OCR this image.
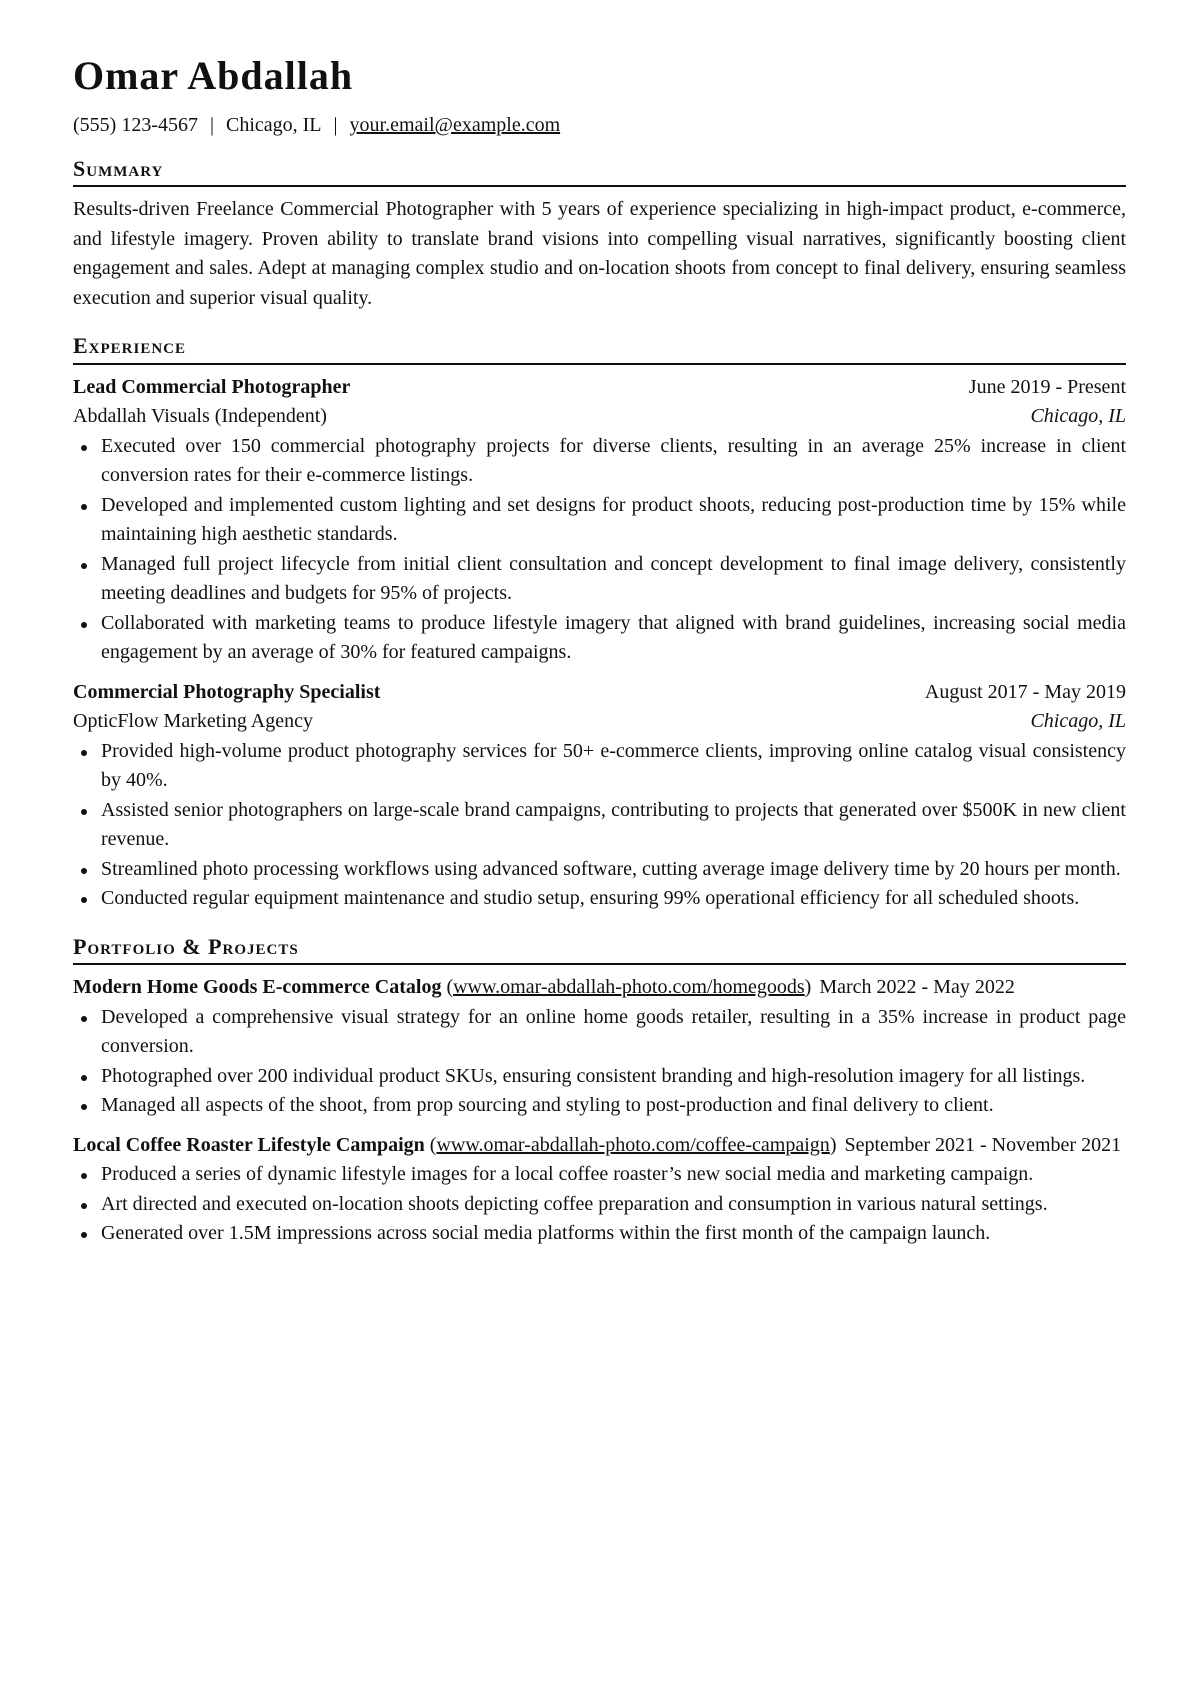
Omar Abdallah
(555) 123-4567 | Chicago, IL | your.email@example.com
Summary

Results-driven Freelance Commercial Photographer with 5 years of experience specializing in high-impact product, e-commerce, and lifestyle imagery. Proven ability to translate brand visions into compelling visual narratives, significantly boosting client engagement and sales. Adept at managing complex studio and on-location shoots from concept to final delivery, ensuring seamless execution and superior visual quality.

Experience
Lead Commercial Photographer	June 2019 - Present
Abdallah Visuals (Independent)	Chicago, IL
Executed over 150 commercial photography projects for diverse clients, resulting in an average 25% increase in client conversion rates for their e-commerce listings.
Developed and implemented custom lighting and set designs for product shoots, reducing post-production time by 15% while maintaining high aesthetic standards.
Managed full project lifecycle from initial client consultation and concept development to final image delivery, consistently meeting deadlines and budgets for 95% of projects.
Collaborated with marketing teams to produce lifestyle imagery that aligned with brand guidelines, increasing social media engagement by an average of 30% for featured campaigns.
Commercial Photography Specialist	August 2017 - May 2019
OpticFlow Marketing Agency	Chicago, IL
Provided high-volume product photography services for 50+ e-commerce clients, improving online catalog visual consistency by 40%.
Assisted senior photographers on large-scale brand campaigns, contributing to projects that generated over $500K in new client revenue.
Streamlined photo processing workflows using advanced software, cutting average image delivery time by 20 hours per month.
Conducted regular equipment maintenance and studio setup, ensuring 99% operational efficiency for all scheduled shoots.
Portfolio & Projects
Modern Home Goods E-commerce Catalog (www.omar-abdallah-photo.com/homegoods) March 2022 - May 2022
Developed a comprehensive visual strategy for an online home goods retailer, resulting in a 35% increase in product page conversion.
Photographed over 200 individual product SKUs, ensuring consistent branding and high-resolution imagery for all listings.
Managed all aspects of the shoot, from prop sourcing and styling to post-production and final delivery to client.
Local Coffee Roaster Lifestyle Campaign (www.omar-abdallah-photo.com/coffee-campaign) September 2021 - November 2021
Produced a series of dynamic lifestyle images for a local coffee roaster’s new social media and marketing campaign.
Art directed and executed on-location shoots depicting coffee preparation and consumption in various natural settings.
Generated over 1.5M impressions across social media platforms within the first month of the campaign launch.
